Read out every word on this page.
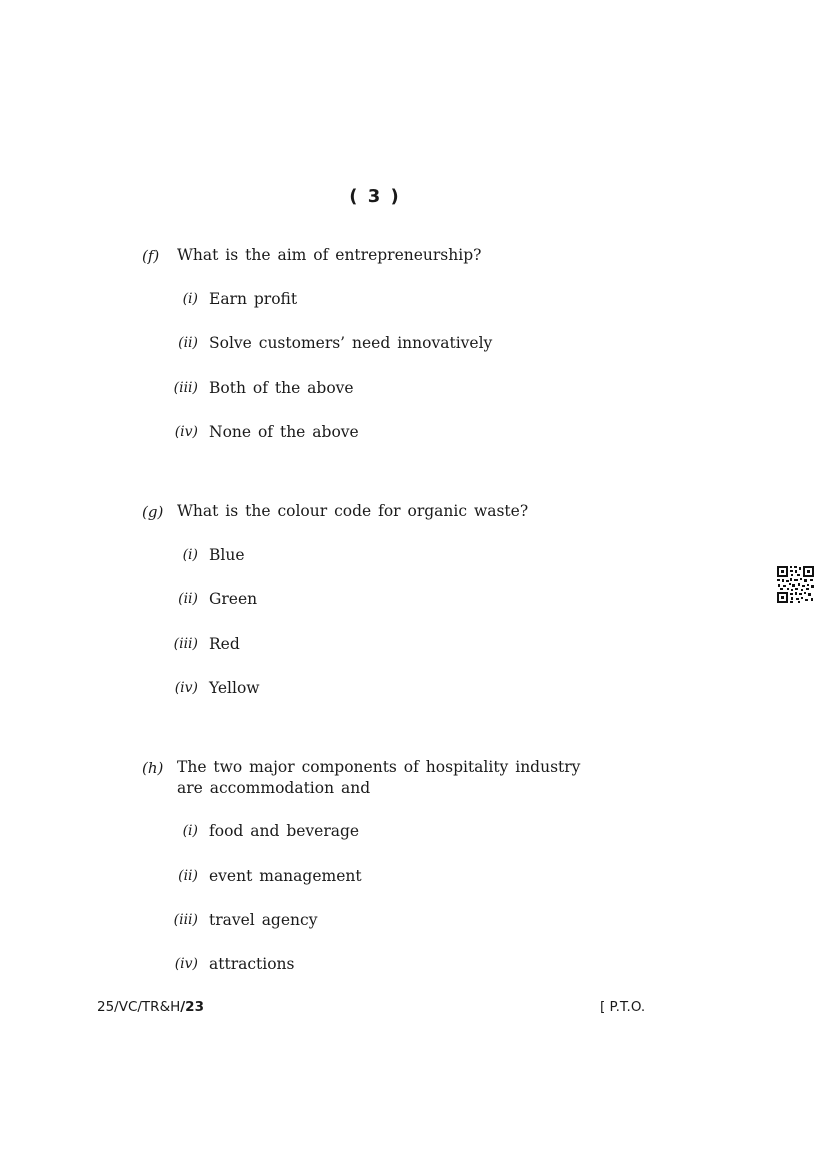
( 3 )
(f) What is the aim of entrepreneurship?
(i) Earn profit
(ii) Solve customers’ need innovatively
(iii) Both of the above
(iv) None of the above
(g) What is the colour code for organic waste?
(i) Blue
(ii) Green
(iii) Red
(iv) Yellow
(h) The two major components of hospitality industry
are accommodation and
(i) food and beverage
(ii) event management
(iii) travel agency
(iv) attractions
25/VC/TR&H/23	[ P.T.O.
